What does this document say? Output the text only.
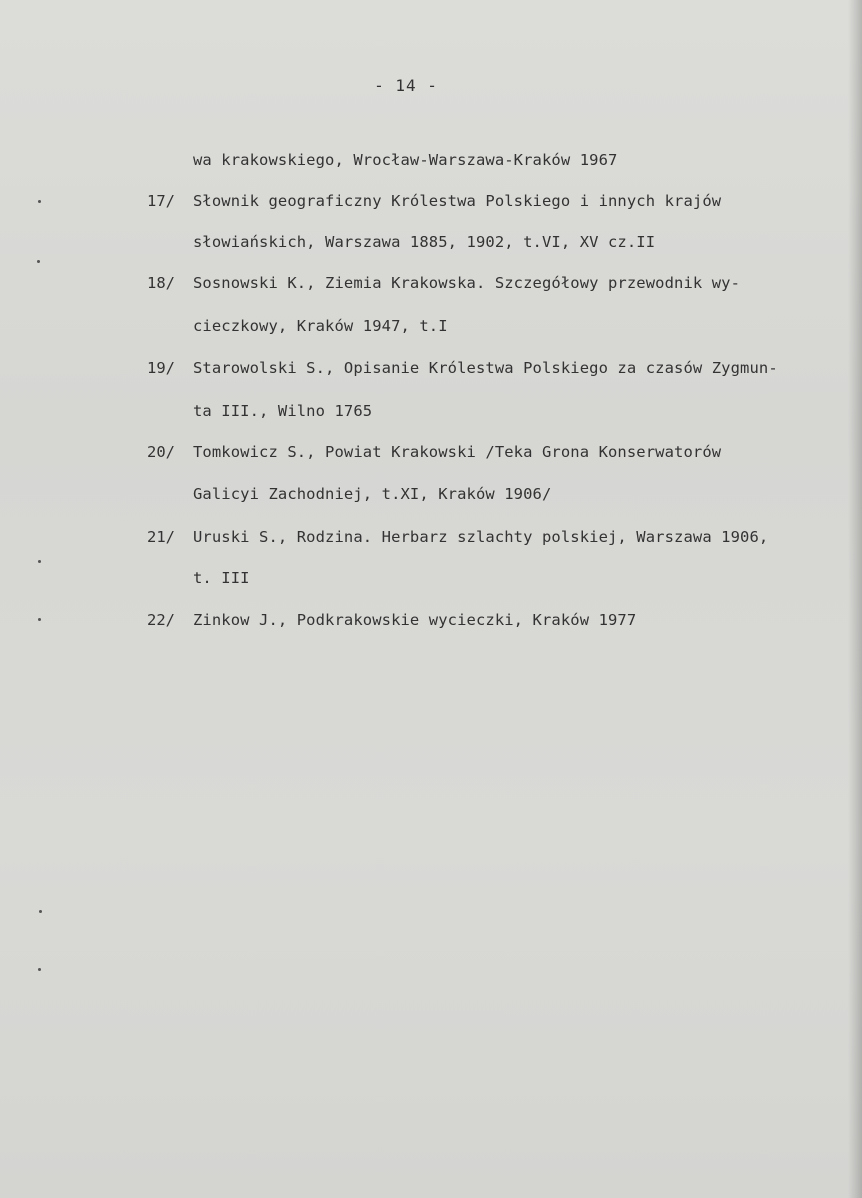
- 14 -
wa krakowskiego, Wrocław-Warszawa-Kraków 1967
17/ Słownik geograficzny Królestwa Polskiego i innych krajów
słowiańskich, Warszawa 1885, 1902, t.VI, XV cz.II
18/ Sosnowski K., Ziemia Krakowska. Szczegółowy przewodnik wy-
cieczkowy, Kraków 1947, t.I
19/ Starowolski S., Opisanie Królestwa Polskiego za czasów Zygmun-
ta III., Wilno 1765
20/ Tomkowicz S., Powiat Krakowski /Teka Grona Konserwatorów
Galicyi Zachodniej, t.XI, Kraków 1906/
21/ Uruski S., Rodzina. Herbarz szlachty polskiej, Warszawa 1906,
t. III
22/ Zinkow J., Podkrakowskie wycieczki, Kraków 1977
